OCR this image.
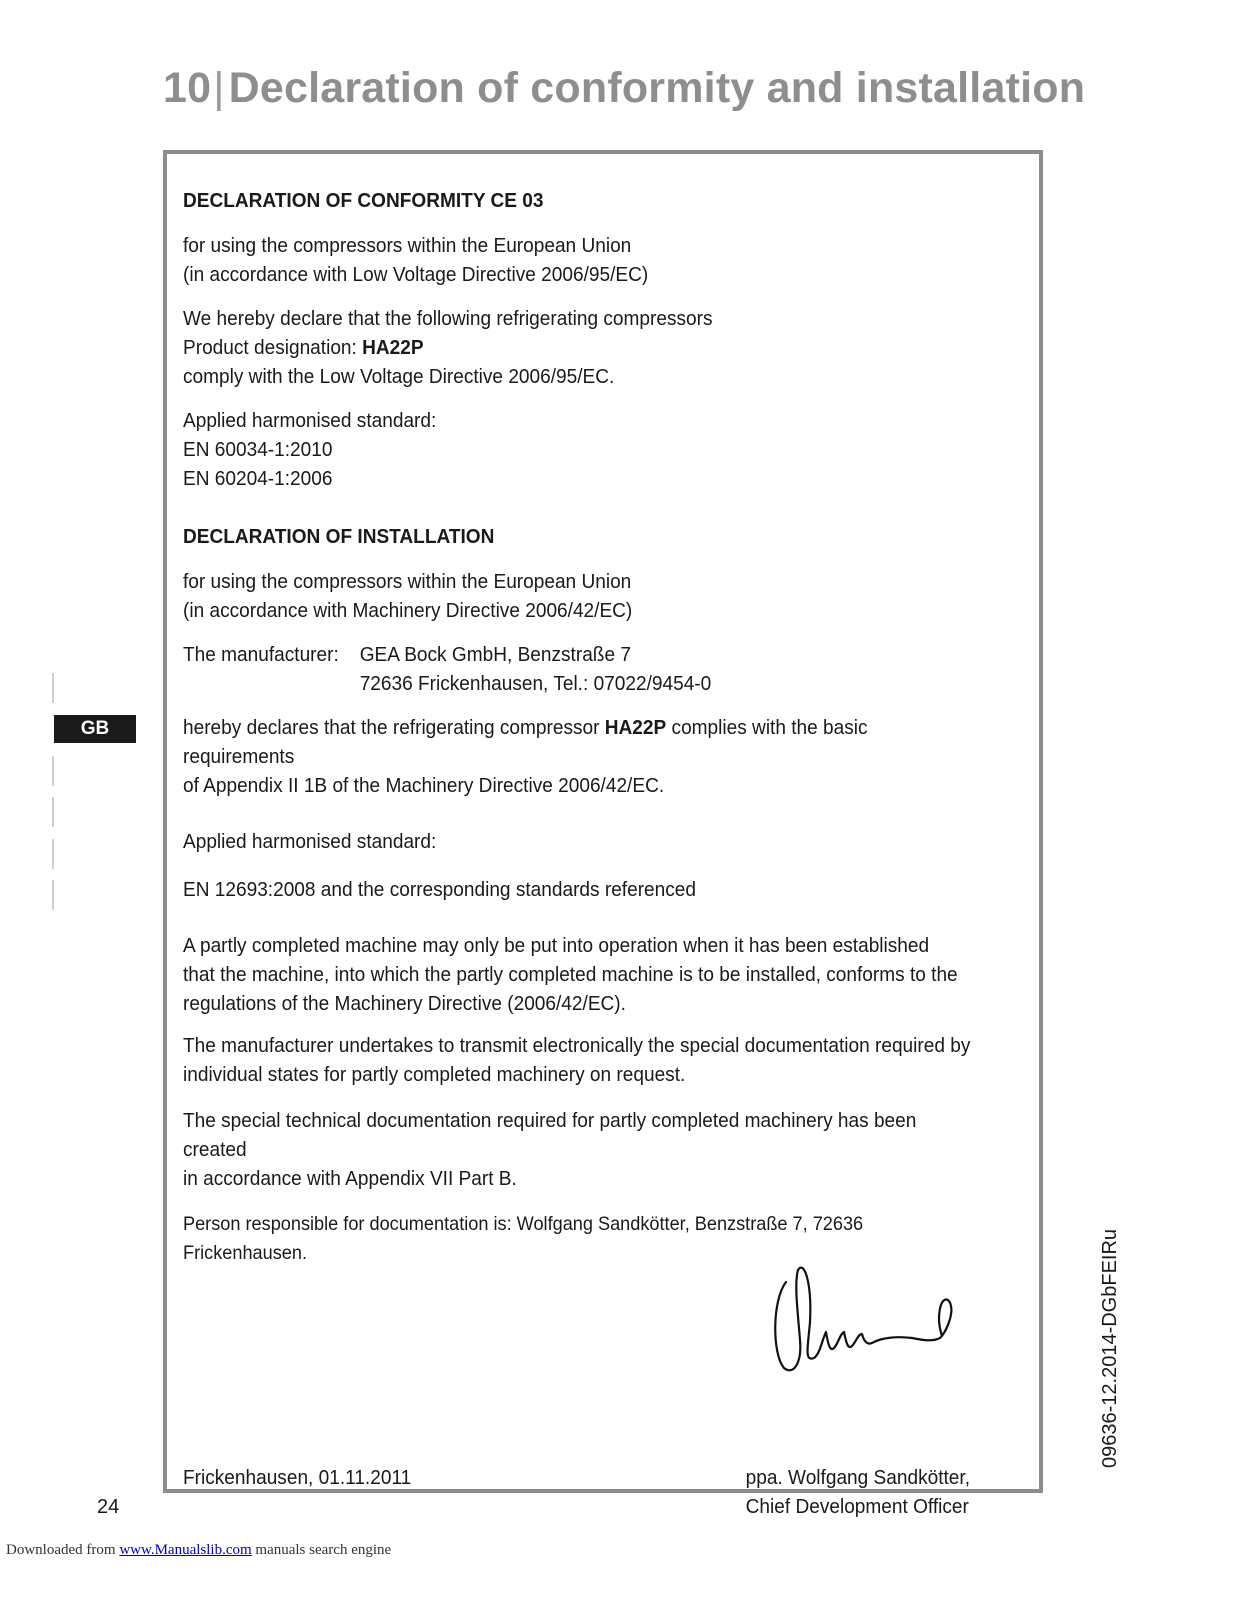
10|Declaration of conformity and installation

DECLARATION OF CONFORMITY CE 03

for using the compressors within the European Union
(in accordance with Low Voltage Directive 2006/95/EC)

We hereby declare that the following refrigerating compressors
Product designation: HA22P
comply with the Low Voltage Directive 2006/95/EC.

Applied harmonised standard:
EN 60034-1:2010
EN 60204-1:2006

DECLARATION OF INSTALLATION

for using the compressors within the European Union
(in accordance with Machinery Directive 2006/42/EC)

The manufacturer:	GEA Bock GmbH, Benzstraße 7
72636 Frickenhausen, Tel.: 07022/9454-0

hereby declares that the refrigerating compressor HA22P complies with the basic requirements
of Appendix II 1B of the Machinery Directive 2006/42/EC.

Applied harmonised standard:

EN 12693:2008 and the corresponding standards referenced

A partly completed machine may only be put into operation when it has been established
that the machine, into which the partly completed machine is to be installed, conforms to the
regulations of the Machinery Directive (2006/42/EC).

The manufacturer undertakes to transmit electronically the special documentation required by
individual states for partly completed machinery on request.

The special technical documentation required for partly completed machinery has been created
in accordance with Appendix VII Part B.

Person responsible for documentation is: Wolfgang Sandkötter, Benzstraße 7, 72636 Frickenhausen.

Frickenhausen, 01.11.2011	ppa. Wolfgang Sandkötter,
Chief Development Officer
GB
09636-12.2014-DGbFEIRu
24
Downloaded from www.Manualslib.com manuals search engine
